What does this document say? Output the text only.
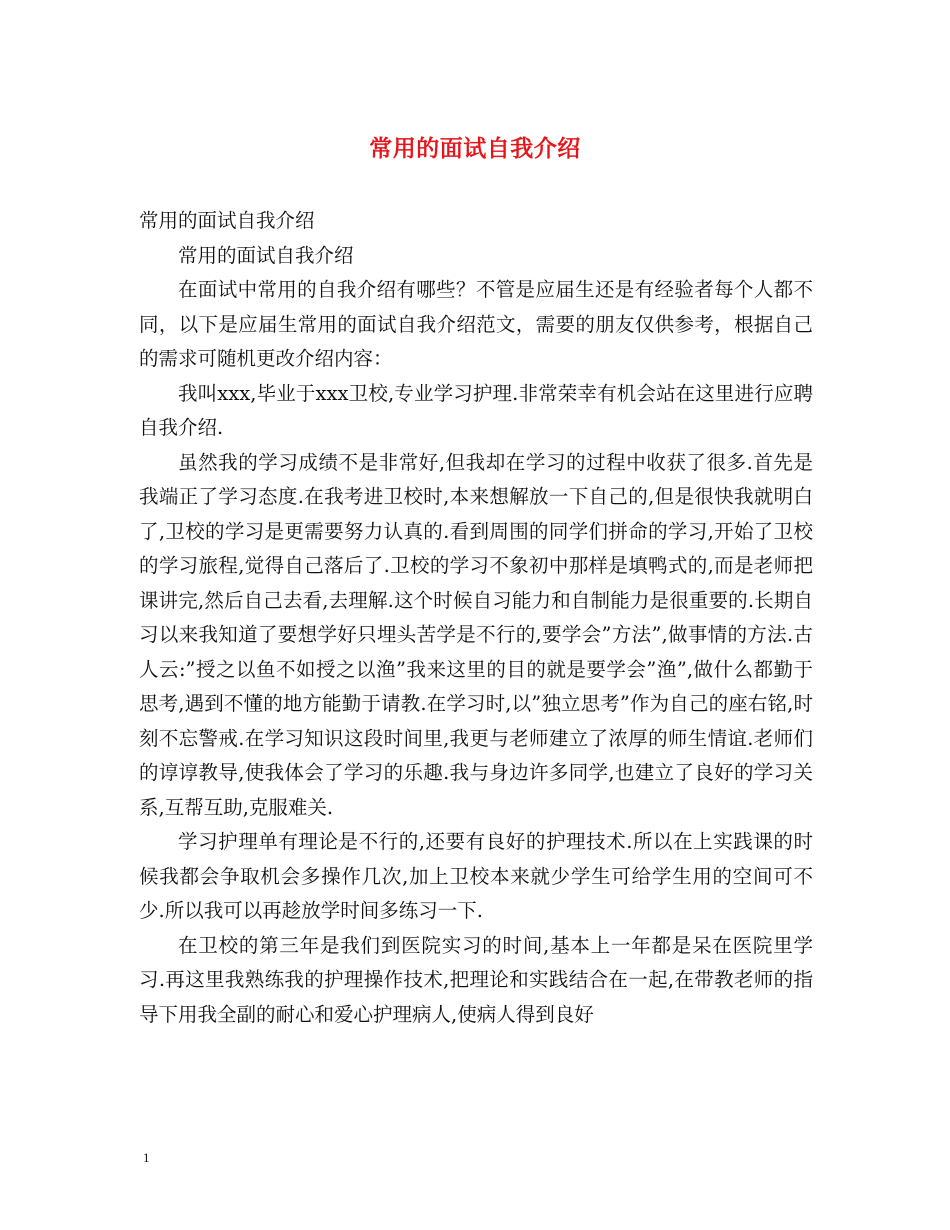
常用的面试自我介绍

常用的面试自我介绍

常用的面试自我介绍

在面试中常用的自我介绍有哪些？不管是应届生还是有经验者每个人都不同，以下是应届生常用的面试自我介绍范文，需要的朋友仅供参考，根据自己的需求可随机更改介绍内容：

我叫xxx,毕业于xxx卫校,专业学习护理.非常荣幸有机会站在这里进行应聘自我介绍.

虽然我的学习成绩不是非常好,但我却在学习的过程中收获了很多.首先是我端正了学习态度.在我考进卫校时,本来想解放一下自己的,但是很快我就明白了,卫校的学习是更需要努力认真的.看到周围的同学们拼命的学习,开始了卫校的学习旅程,觉得自己落后了.卫校的学习不象初中那样是填鸭式的,而是老师把课讲完,然后自己去看,去理解.这个时候自习能力和自制能力是很重要的.长期自习以来我知道了要想学好只埋头苦学是不行的,要学会”方法”,做事情的方法.古人云:”授之以鱼不如授之以渔”我来这里的目的就是要学会”渔”,做什么都勤于思考,遇到不懂的地方能勤于请教.在学习时,以”独立思考”作为自己的座右铭,时刻不忘警戒.在学习知识这段时间里,我更与老师建立了浓厚的师生情谊.老师们的谆谆教导,使我体会了学习的乐趣.我与身边许多同学,也建立了良好的学习关系,互帮互助,克服难关.

学习护理单有理论是不行的,还要有良好的护理技术.所以在上实践课的时候我都会争取机会多操作几次,加上卫校本来就少学生可给学生用的空间可不少.所以我可以再趁放学时间多练习一下.

在卫校的第三年是我们到医院实习的时间,基本上一年都是呆在医院里学习.再这里我熟练我的护理操作技术,把理论和实践结合在一起,在带教老师的指导下用我全副的耐心和爱心护理病人,使病人得到良好

1
